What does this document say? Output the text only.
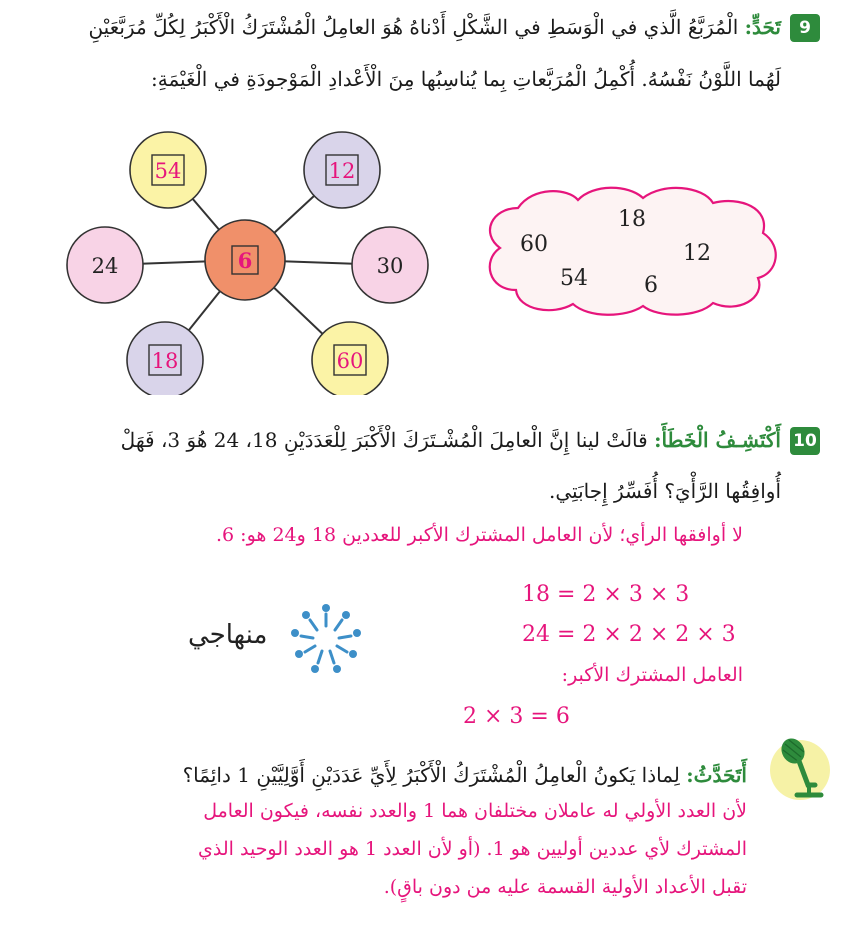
9
تَحَدٍّ: الْمُرَبَّعُ الَّذي في الْوَسَطِ في الشَّكْلِ أَدْناهُ هُوَ العامِلُ الْمُشْتَرَكُ الْأَكْبَرُ لِكُلِّ مُرَبَّعَيْنِ
لَهُما اللَّوْنُ نَفْسُهُ. أُكْمِلُ الْمُرَبَّعاتِ بِما يُناسِبُها مِنَ الْأَعْدادِ الْمَوْجودَةِ في الْغَيْمَةِ:
54	12
6
18	60
24	30
18
60	12
54	6
10
أَكْتَشِـفُ الْخَطَأَ: قالَتْ لينا إِنَّ الْعامِلَ الْمُشْـتَرَكَ الْأَكْبَرَ لِلْعَدَدَيْنِ 18، 24 هُوَ 3، فَهَلْ
أُوافِقُها الرَّأْيَ؟ أُفَسِّرُ إِجابَتِي.
لا أوافقها الرأي؛ لأن العامل المشترك الأكبر للعددين 18 و24 هو: 6.
18 = 2 × 3 × 3
24 = 2 × 2 × 2 × 3
العامل المشترك الأكبر:
2 × 3 = 6
منهاجي
أَتَحَدَّثُ: لِماذا يَكونُ الْعامِلُ الْمُشْتَرَكُ الْأَكْبَرُ لِأَيِّ عَدَدَيْنِ أَوَّلِيَّيْنِ 1 دائِمًا؟
لأن العدد الأولي له عاملان مختلفان هما 1 والعدد نفسه، فيكون العامل
المشترك لأي عددين أوليين هو 1. (أو لأن العدد 1 هو العدد الوحيد الذي
تقبل الأعداد الأولية القسمة عليه من دون باقٍ).
